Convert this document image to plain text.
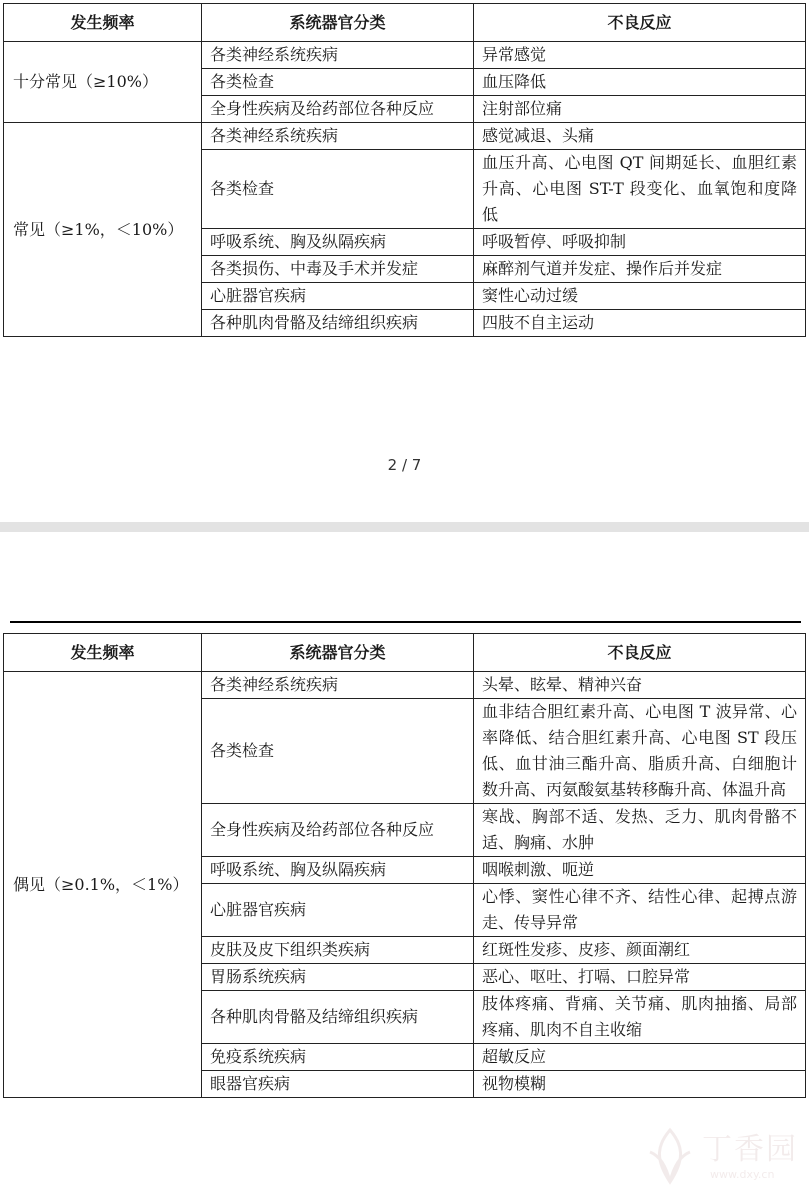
发生频率	系统器官分类	不良反应
十分常见（≥10%）	各类神经系统疾病	异常感觉
	各类检查	血压降低
	全身性疾病及给药部位各种反应	注射部位痛
常见（≥1%，＜10%）	各类神经系统疾病	感觉减退、头痛
	各类检查	血压升高、心电图 QT 间期延长、血胆红素升高、心电图 ST-T 段变化、血氧饱和度降低
	呼吸系统、胸及纵隔疾病	呼吸暂停、呼吸抑制
	各类损伤、中毒及手术并发症	麻醉剂气道并发症、操作后并发症
	心脏器官疾病	窦性心动过缓
	各种肌肉骨骼及结缔组织疾病	四肢不自主运动
2 / 7
发生频率	系统器官分类	不良反应
偶见（≥0.1%，＜1%）	各类神经系统疾病	头晕、眩晕、精神兴奋
	各类检查	血非结合胆红素升高、心电图 T 波异常、心率降低、结合胆红素升高、心电图 ST 段压低、血甘油三酯升高、脂质升高、白细胞计数升高、丙氨酸氨基转移酶升高、体温升高
	全身性疾病及给药部位各种反应	寒战、胸部不适、发热、乏力、肌肉骨骼不适、胸痛、水肿
	呼吸系统、胸及纵隔疾病	咽喉刺激、呃逆
	心脏器官疾病	心悸、窦性心律不齐、结性心律、起搏点游走、传导异常
	皮肤及皮下组织类疾病	红斑性发疹、皮疹、颜面潮红
	胃肠系统疾病	恶心、呕吐、打嗝、口腔异常
	各种肌肉骨骼及结缔组织疾病	肢体疼痛、背痛、关节痛、肌肉抽搐、局部疼痛、肌肉不自主收缩
	免疫系统疾病	超敏反应
	眼器官疾病	视物模糊
丁香园
www.dxy.cn
